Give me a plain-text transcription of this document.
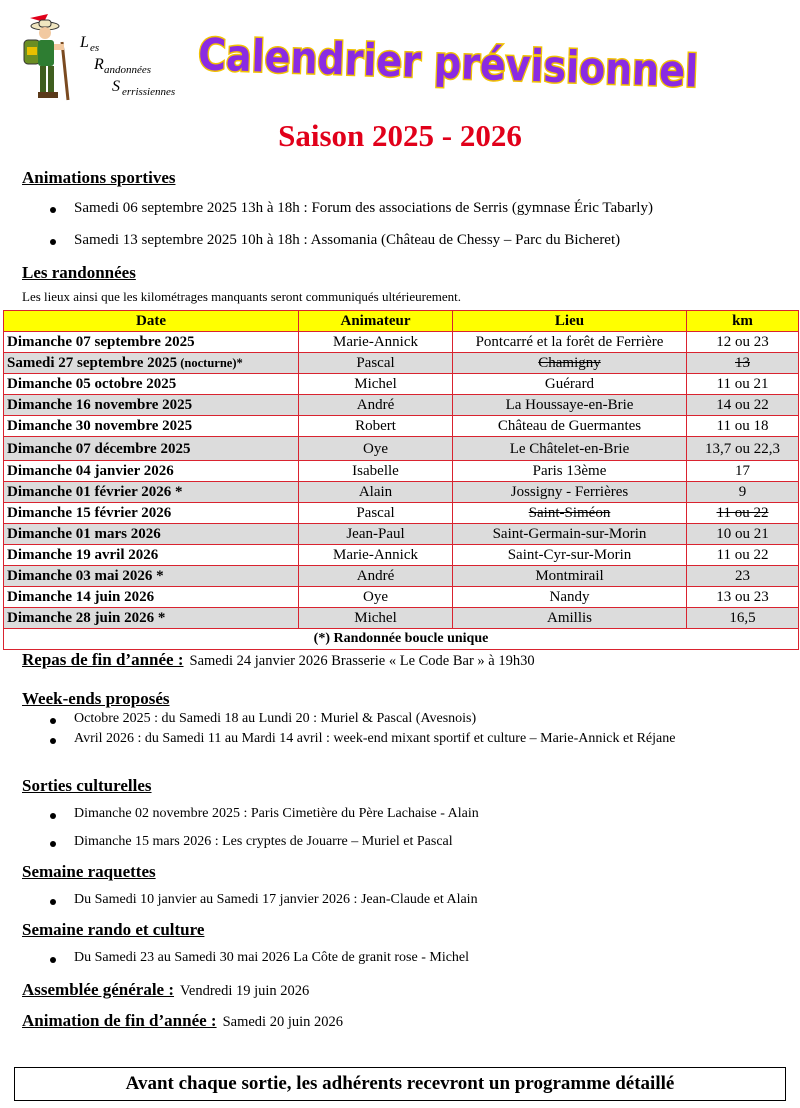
L es
R andonnées
S errissiennes Calendrier prévisionnel
Saison 2025 - 2026
Animations sportives
Samedi 06 septembre 2025 13h à 18h : Forum des associations de Serris (gymnase Éric Tabarly)
Samedi 13 septembre 2025 10h à 18h : Assomania (Château de Chessy – Parc du Bicheret)
Les randonnées
Les lieux ainsi que les kilométrages manquants seront communiqués ultérieurement.
Date	Animateur	Lieu	km
Dimanche 07 septembre 2025	Marie-Annick	Pontcarré et la forêt de Ferrière	12 ou 23
Samedi 27 septembre 2025 (nocturne)*	Pascal	Chamigny	13
Dimanche 05 octobre 2025	Michel	Guérard	11 ou 21
Dimanche 16 novembre 2025	André	La Houssaye-en-Brie	14 ou 22
Dimanche 30 novembre 2025	Robert	Château de Guermantes	11 ou 18
Dimanche 07 décembre 2025	Oye	Le Châtelet-en-Brie	13,7 ou 22,3
Dimanche 04 janvier 2026	Isabelle	Paris 13ème	17
Dimanche 01 février 2026 *	Alain	Jossigny - Ferrières	9
Dimanche 15 février 2026	Pascal	Saint-Siméon	11 ou 22
Dimanche 01 mars 2026	Jean-Paul	Saint-Germain-sur-Morin	10 ou 21
Dimanche 19 avril 2026	Marie-Annick	Saint-Cyr-sur-Morin	11 ou 22
Dimanche 03 mai 2026 *	André	Montmirail	23
Dimanche 14 juin 2026	Oye	Nandy	13 ou 23
Dimanche 28 juin 2026 *	Michel	Amillis	16,5
(*) Randonnée boucle unique			
Repas de fin d’année : Samedi 24 janvier 2026 Brasserie « Le Code Bar » à 19h30
Week-ends proposés
Octobre 2025 : du Samedi 18 au Lundi 20 : Muriel & Pascal (Avesnois)
Avril 2026 : du Samedi 11 au Mardi 14 avril : week-end mixant sportif et culture – Marie-Annick et Réjane
Sorties culturelles
Dimanche 02 novembre 2025 : Paris Cimetière du Père Lachaise - Alain
Dimanche 15 mars 2026 : Les cryptes de Jouarre – Muriel et Pascal
Semaine raquettes
Du Samedi 10 janvier au Samedi 17 janvier 2026 : Jean-Claude et Alain
Semaine rando et culture
Du Samedi 23 au Samedi 30 mai 2026 La Côte de granit rose - Michel
Assemblée générale : Vendredi 19 juin 2026
Animation de fin d’année : Samedi 20 juin 2026
Avant chaque sortie, les adhérents recevront un programme détaillé
